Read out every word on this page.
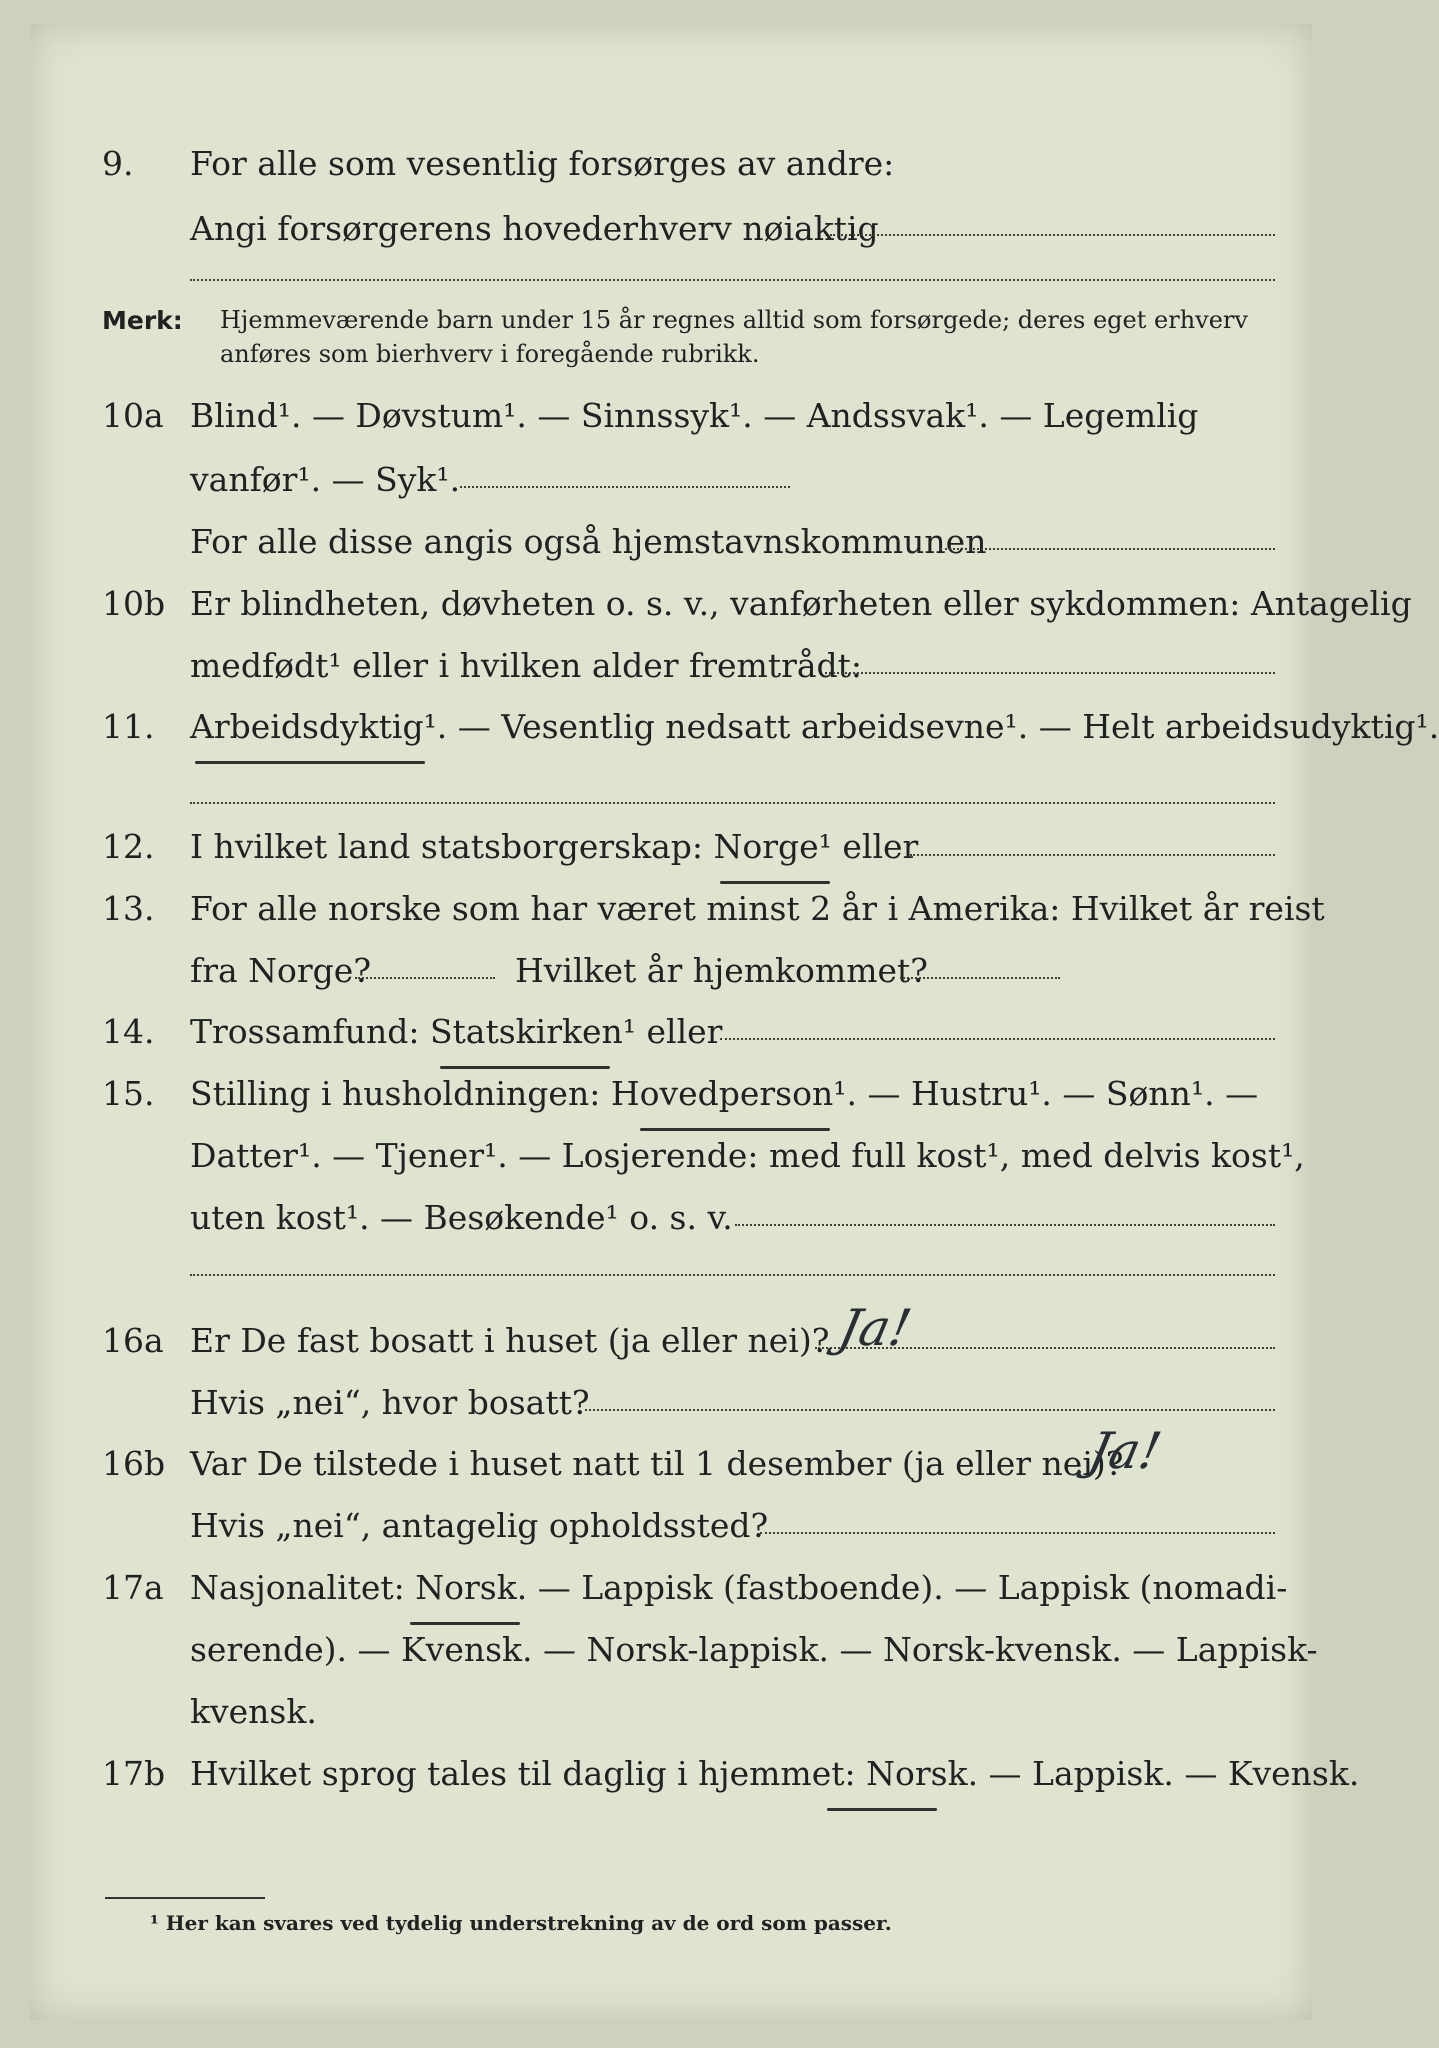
9. For alle som vesentlig forsørges av andre:
Angi forsørgerens hovederhverv nøiaktig
Merk: Hjemmeværende barn under 15 år regnes alltid som forsørgede; deres eget erhverv
anføres som bierhverv i foregående rubrikk.
10a Blind¹. — Døvstum¹. — Sinnssyk¹. — Andssvak¹. — Legemlig
vanfør¹. — Syk¹.
For alle disse angis også hjemstavnskommunen
10b Er blindheten, døvheten o. s. v., vanførheten eller sykdommen: Antagelig
medfødt¹ eller i hvilken alder fremtrådt:
11. Arbeidsdyktig¹. — Vesentlig nedsatt arbeidsevne¹. — Helt arbeidsudyktig¹.
12. I hvilket land statsborgerskap: Norge¹ eller
13. For alle norske som har været minst 2 år i Amerika: Hvilket år reist
fra Norge?	Hvilket år hjemkommet?
14. Trossamfund: Statskirken¹ eller
15. Stilling i husholdningen: Hovedperson¹. — Hustru¹. — Sønn¹. —
Datter¹. — Tjener¹. — Losjerende: med full kost¹, med delvis kost¹,
uten kost¹. — Besøkende¹ o. s. v.
16a Er De fast bosatt i huset (ja eller nei)? Ja!
Hvis „nei“, hvor bosatt?
16b Var De tilstede i huset natt til 1 desember (ja eller nei)?
Ja!
Hvis „nei“, antagelig opholdssted?
17a Nasjonalitet: Norsk. — Lappisk (fastboende). — Lappisk (nomadi-
serende). — Kvensk. — Norsk-lappisk. — Norsk-kvensk. — Lappisk-
kvensk.
17b Hvilket sprog tales til daglig i hjemmet: Norsk. — Lappisk. — Kvensk.
¹ Her kan svares ved tydelig understrekning av de ord som passer.
